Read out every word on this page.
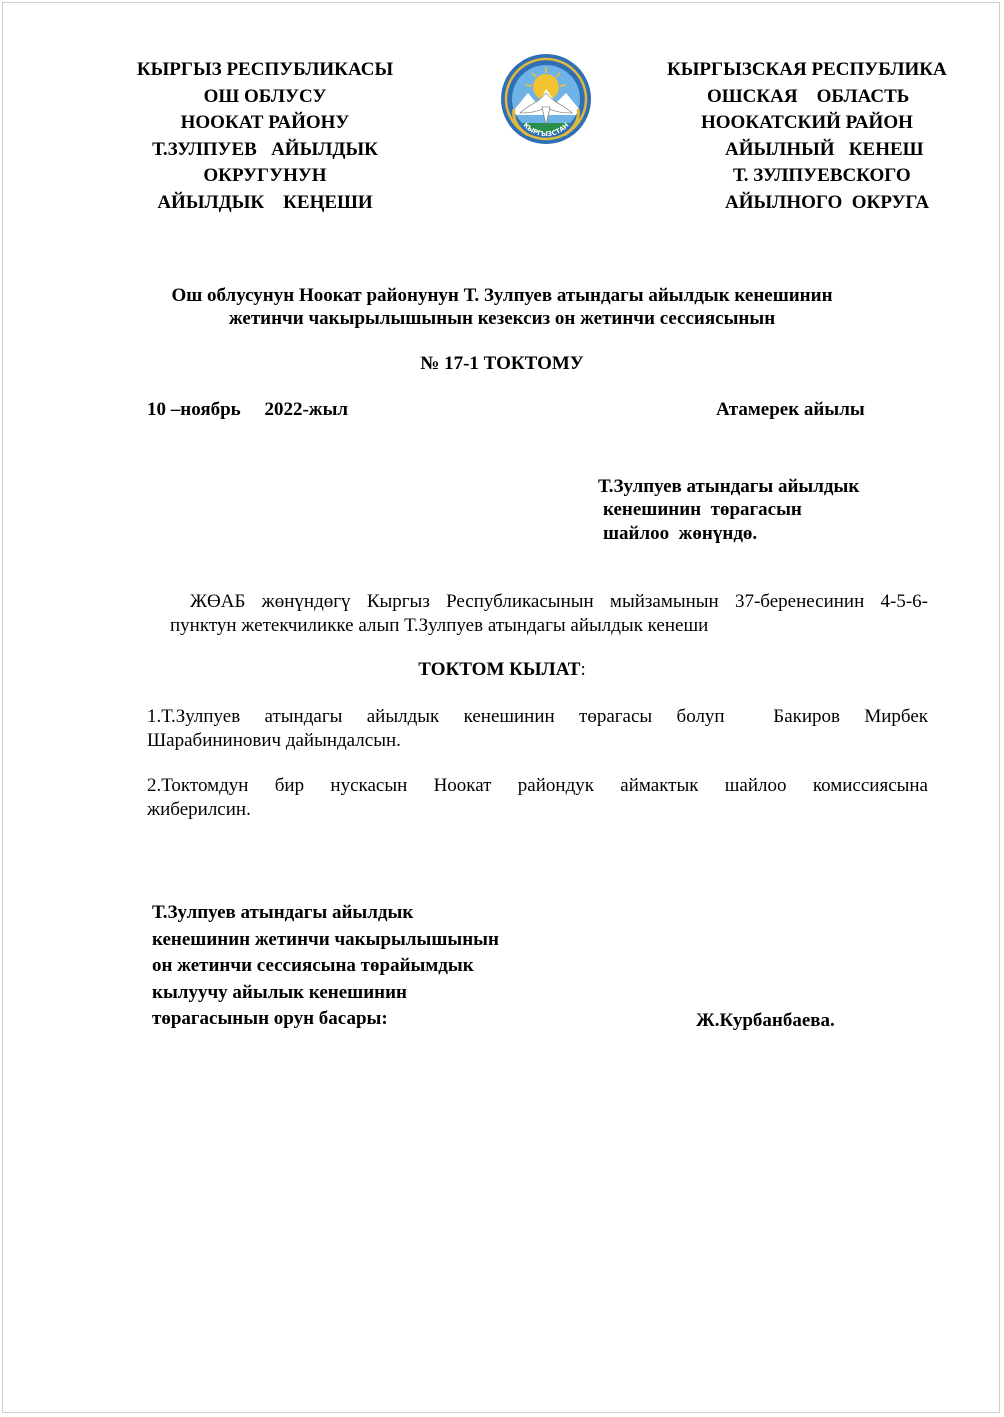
КЫРГЫЗ РЕСПУБЛИКАСЫ
ОШ ОБЛУСУ
НООКАТ РАЙОНУ
Т.ЗУЛПУЕВ   АЙЫЛДЫК
ОКРУГУНУН
АЙЫЛДЫК    КЕҢЕШИ
КЫРГЫЗСТАН
КЫРГЫЗСКАЯ РЕСПУБЛИКА
ОШСКАЯ    ОБЛАСТЬ
НООКАТСКИЙ РАЙОН
АЙЫЛНЫЙ   КЕНЕШ
Т. ЗУЛПУЕВСКОГО
АЙЫЛНОГО  ОКРУГА
Ош облусунун Ноокат районунун Т. Зулпуев атындагы айылдык кенешинин
жетинчи чакырылышынын кезексиз он жетинчи сессиясынын
№ 17-1 ТОКТОМУ
10 –ноябрь     2022-жыл	Атамерек айылы
Т.Зулпуев атындагы айылдык
кенешинин  төрагасын
шайлоо  жөнүндө.
ЖӨАБ жөнүндөгү Кыргыз Республикасынын мыйзамынын 37-беренесинин 4-5-6-
пунктун жетекчиликке алып Т.Зулпуев атындагы айылдык кенеши
ТОКТОМ КЫЛАТ:
1.Т.Зулпуев атындагы айылдык кенешинин төрагасы болуп  Бакиров Мирбек
Шарабининович дайындалсын.
2.Токтомдун бир нускасын Ноокат райондук аймактык шайлоо комиссиясына
жиберилсин.
Т.Зулпуев атындагы айылдык
кенешинин жетинчи чакырылышынын
он жетинчи сессиясына төрайымдык
кылуучу айылык кенешинин
төрагасынын орун басары:	Ж.Курбанбаева.
